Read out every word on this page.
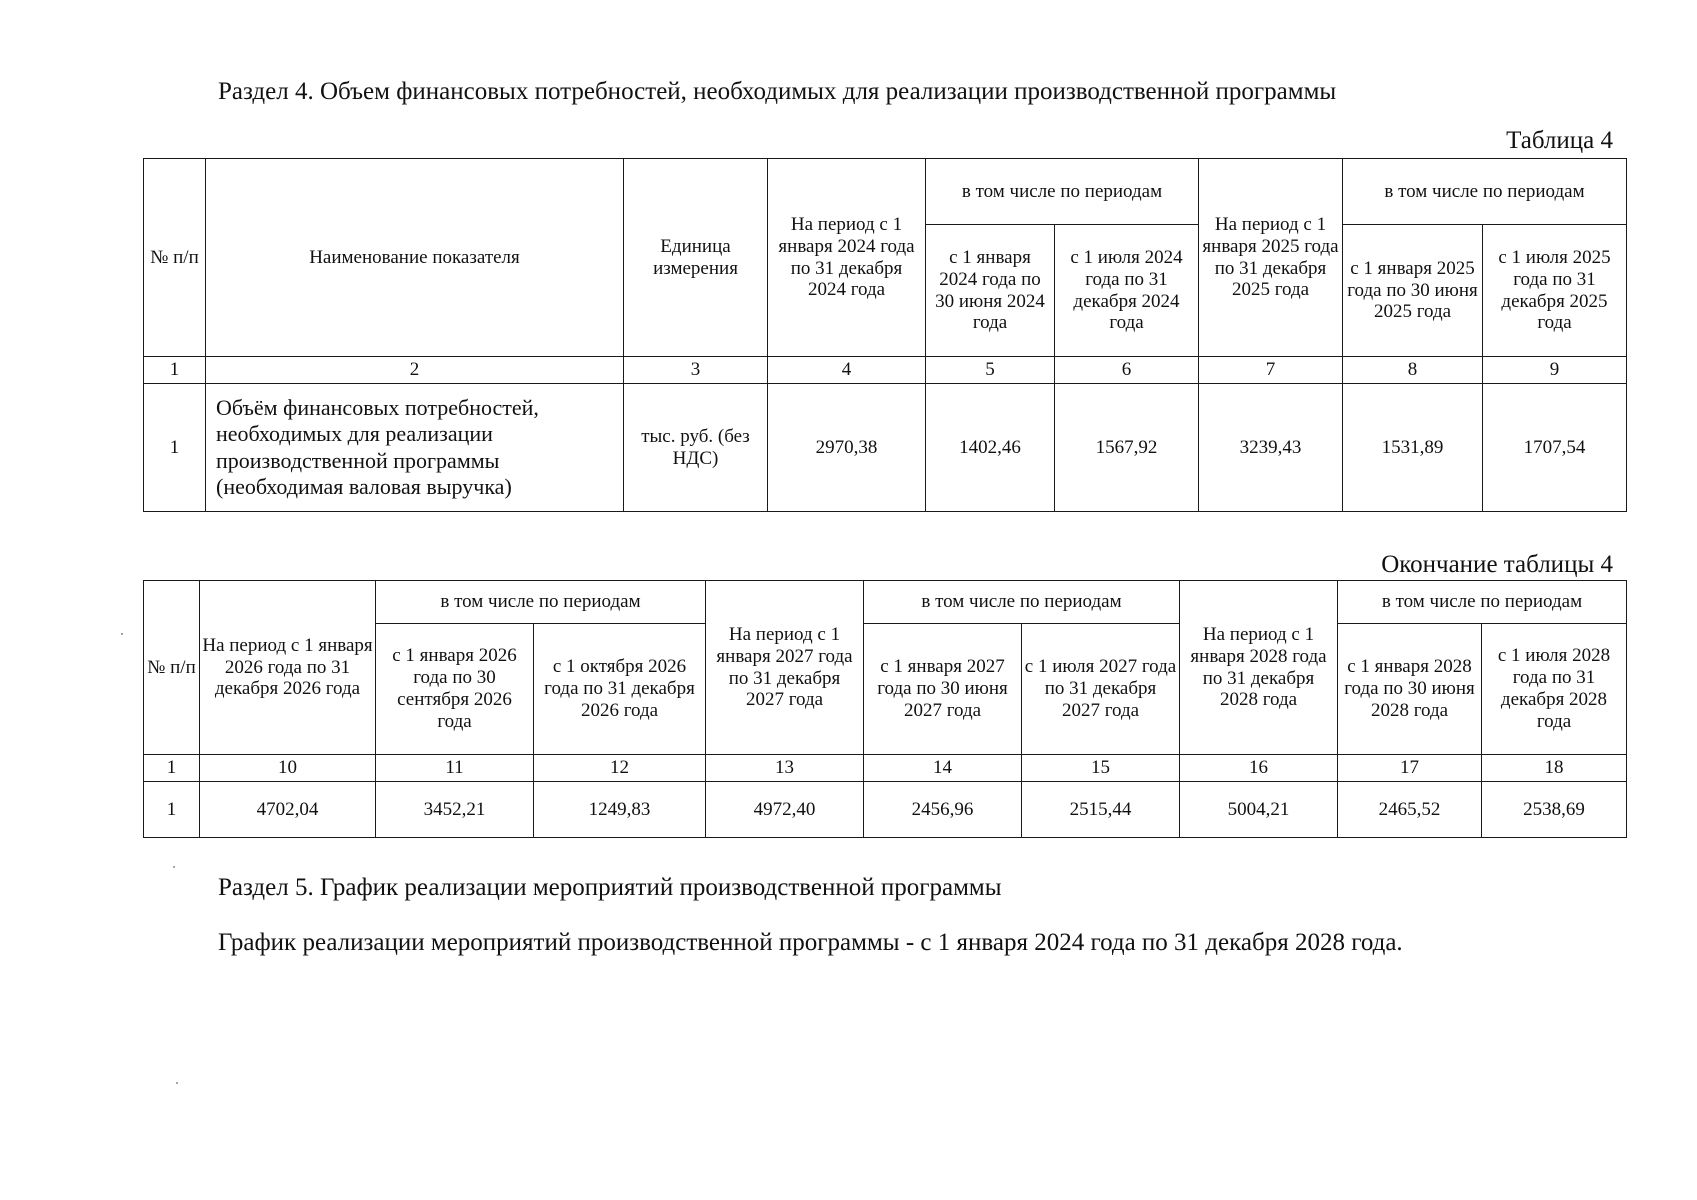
Раздел 4. Объем финансовых потребностей, необходимых для реализации производственной программы
Таблица 4
№ п/п	Наименование показателя	Единица измерения	На период с 1 января 2024 года по 31 декабря 2024 года	в том числе по периодам		На период с 1 января 2025 года по 31 декабря 2025 года	в том числе по периодам	
				с 1 января 2024 года по 30 июня 2024 года	с 1 июля 2024 года по 31 декабря 2024 года		с 1 января 2025 года по 30 июня 2025 года	с 1 июля 2025 года по 31 декабря 2025 года
1	2	3	4	5	6	7	8	9
1	Объём финансовых потребностей, необходимых для реализации производственной программы (необходимая валовая выручка)	тыс. руб. (без НДС)	2970,38	1402,46	1567,92	3239,43	1531,89	1707,54
Окончание таблицы 4
№ п/п	На период с 1 января 2026 года по 31 декабря 2026 года	в том числе по периодам		На период с 1 января 2027 года по 31 декабря 2027 года	в том числе по периодам		На период с 1 января 2028 года по 31 декабря 2028 года	в том числе по периодам	
		с 1 января 2026 года по 30 сентября 2026 года	с 1 октября 2026 года по 31 декабря 2026 года		с 1 января 2027 года по 30 июня 2027 года	с 1 июля 2027 года по 31 декабря 2027 года		с 1 января 2028 года по 30 июня 2028 года	с 1 июля 2028 года по 31 декабря 2028 года
1	10	11	12	13	14	15	16	17	18
1	4702,04	3452,21	1249,83	4972,40	2456,96	2515,44	5004,21	2465,52	2538,69
Раздел 5. График реализации мероприятий производственной программы
График реализации мероприятий производственной программы - с 1 января 2024 года по 31 декабря 2028 года.
